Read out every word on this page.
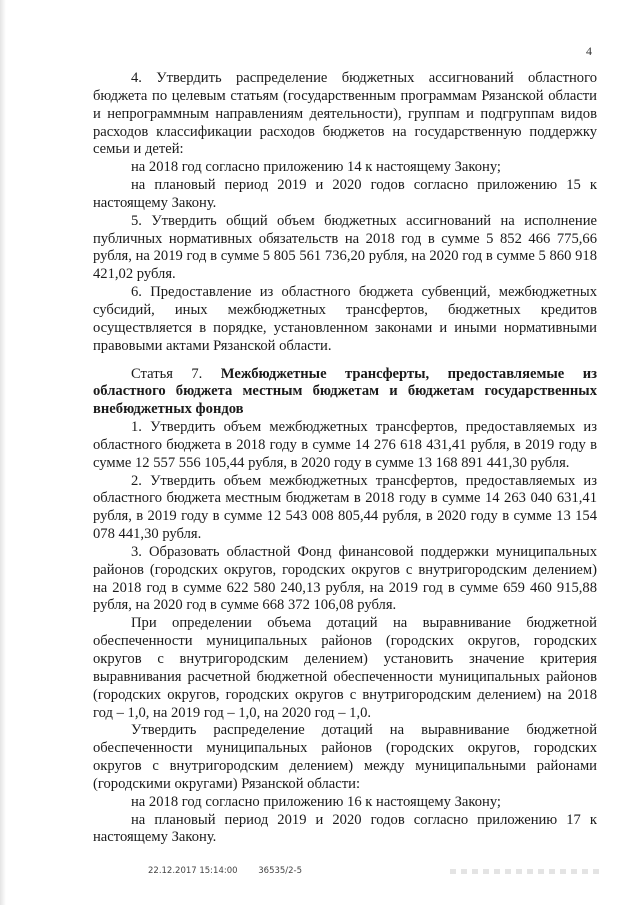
4

4. Утвердить распределение бюджетных ассигнований областного бюджета по целевым статьям (государственным программам Рязанской области и непрограммным направлениям деятельности), группам и подгруппам видов расходов классификации расходов бюджетов на государственную поддержку семьи и детей:

на 2018 год согласно приложению 14 к настоящему Закону;

на плановый период 2019 и 2020 годов согласно приложению 15 к настоящему Закону.

5. Утвердить общий объем бюджетных ассигнований на исполнение публичных нормативных обязательств на 2018 год в сумме 5 852 466 775,66 рубля, на 2019 год в сумме 5 805 561 736,20 рубля, на 2020 год в сумме 5 860 918 421,02 рубля.

6. Предоставление из областного бюджета субвенций, межбюджетных субсидий, иных межбюджетных трансфертов, бюджетных кредитов осуществляется в порядке, установленном законами и иными нормативными правовыми актами Рязанской области.

Статья 7. Межбюджетные трансферты, предоставляемые из областного бюджета местным бюджетам и бюджетам государственных внебюджетных фондов

1. Утвердить объем межбюджетных трансфертов, предоставляемых из областного бюджета в 2018 году в сумме 14 276 618 431,41 рубля, в 2019 году в сумме 12 557 556 105,44 рубля, в 2020 году в сумме 13 168 891 441,30 рубля.

2. Утвердить объем межбюджетных трансфертов, предоставляемых из областного бюджета местным бюджетам в 2018 году в сумме 14 263 040 631,41 рубля, в 2019 году в сумме 12 543 008 805,44 рубля, в 2020 году в сумме 13 154 078 441,30 рубля.

3. Образовать областной Фонд финансовой поддержки муниципальных районов (городских округов, городских округов с внутригородским делением) на 2018 год в сумме 622 580 240,13 рубля, на 2019 год в сумме 659 460 915,88 рубля, на 2020 год в сумме 668 372 106,08 рубля.

При определении объема дотаций на выравнивание бюджетной обеспеченности муниципальных районов (городских округов, городских округов с внутригородским делением) установить значение критерия выравнивания расчетной бюджетной обеспеченности муниципальных районов (городских округов, городских округов с внутригородским делением) на 2018 год – 1,0, на 2019 год – 1,0, на 2020 год – 1,0.

Утвердить распределение дотаций на выравнивание бюджетной обеспеченности муниципальных районов (городских округов, городских округов с внутригородским делением) между муниципальными районами (городскими округами) Рязанской области:

на 2018 год согласно приложению 16 к настоящему Закону;

на плановый период 2019 и 2020 годов согласно приложению 17 к настоящему Закону.

22.12.2017 15:14:00 36535/2-5
